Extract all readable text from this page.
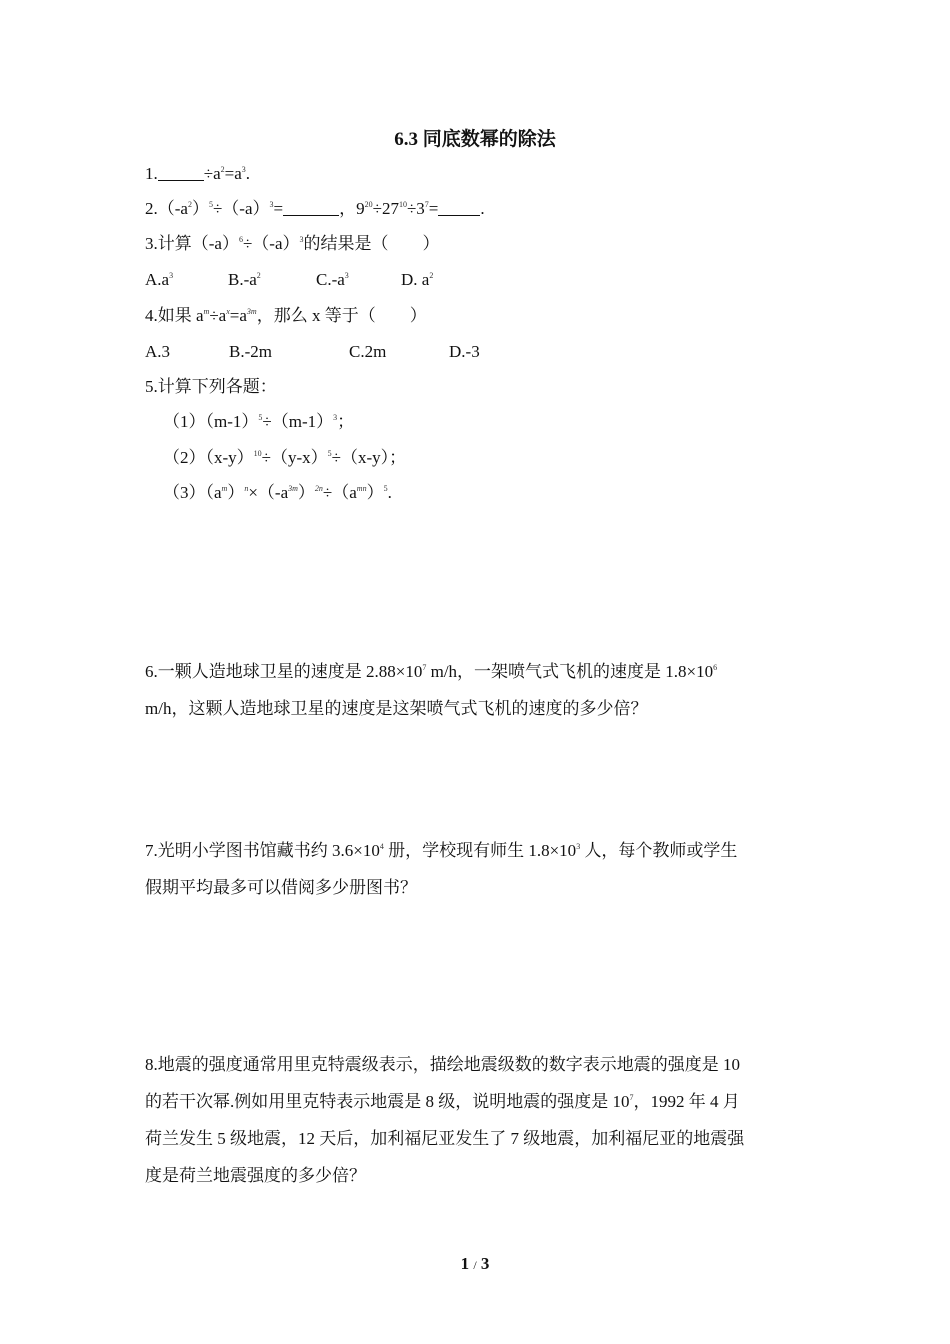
6.3 同底数幂的除法
1.	$\div a^2=a^3$.
$2.(-a^2)^5\div(-a)^3=$	，$9^{20}\div 27^{10}\div 3^7=$ .
3.计算$(-a)^6\div(-a)^3$的结果是（　　）
$A.a^3$	$B.-a^2$	$C.-a^3$	D. $a^2$
4.如果 $a^m\div a^x=a^{3m}$，那么 x 等于（　　）
A.3	B.-2m	C.2m	D.-3
5.计算下列各题：
$(1)(m-1)^5\div(m-1)^3$；
$(2)(x-y)^{10}\div(y-x)^5\div(x-y)$；
$(3)(a^m)^n\times(-a^{3m})^{2n}\div(a^{mn})^5$.
6.一颗人造地球卫星的速度是 $2.88\times 10^7$ m/h，一架喷气式飞机的速度是 $1.8\times 10^6$
m/h，这颗人造地球卫星的速度是这架喷气式飞机的速度的多少倍？
7.光明小学图书馆藏书约 $3.6\times 10^4$ 册，学校现有师生 $1.8\times 10^3$ 人，每个教师或学生
假期平均最多可以借阅多少册图书？
8.地震的强度通常用里克特震级表示，描绘地震级数的数字表示地震的强度是 10
的若干次幂.例如用里克特表示地震是 8 级，说明地震的强度是 $10^7$，1992 年 4 月
荷兰发生 5 级地震，12 天后，加利福尼亚发生了 7 级地震，加利福尼亚的地震强
度是荷兰地震强度的多少倍？
1 / 3
